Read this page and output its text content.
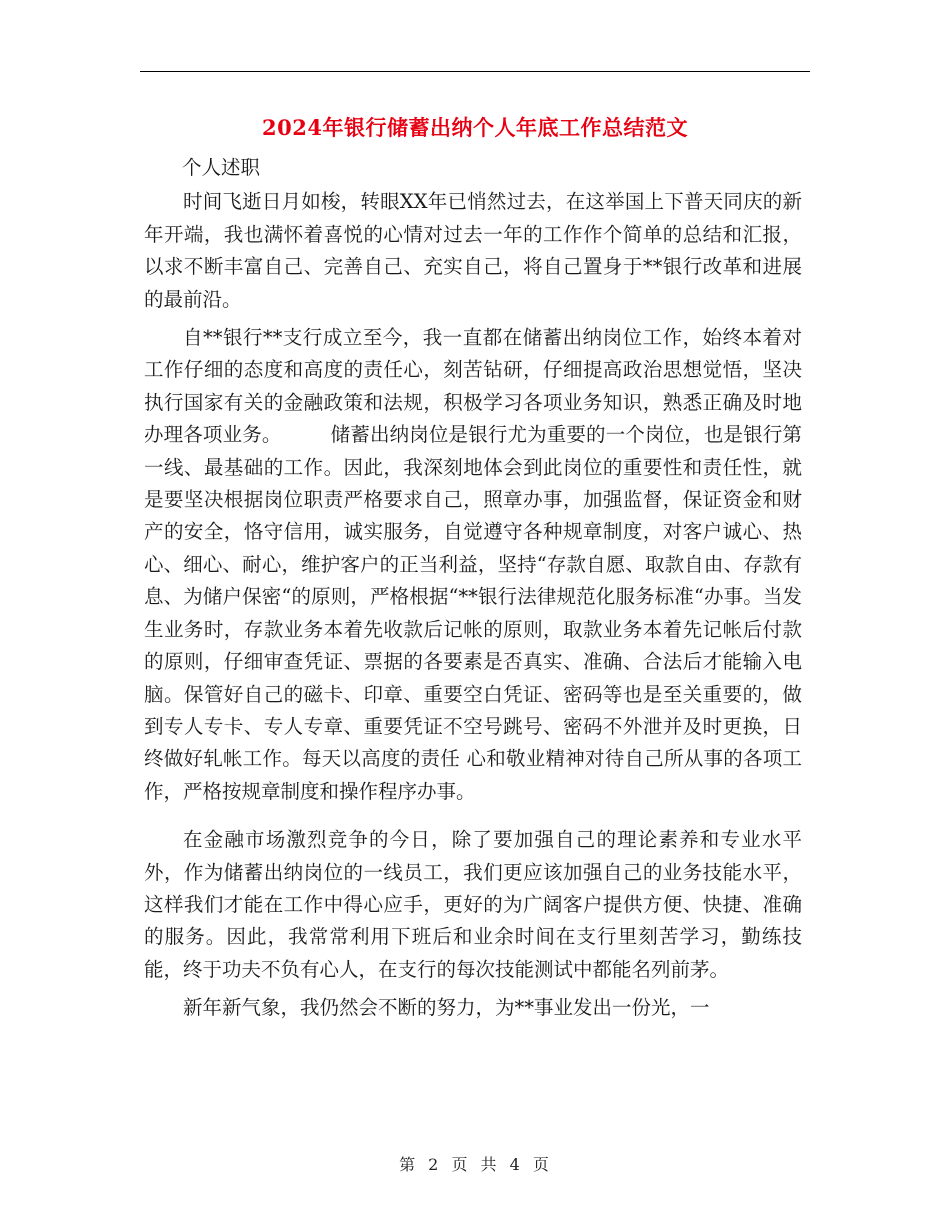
2024年银行储蓄出纳个人年底工作总结范文

个人述职

时间飞逝日月如梭，转眼XX年已悄然过去，在这举国上下普天同庆的新年开端，我也满怀着喜悦的心情对过去一年的工作作个简单的总结和汇报，以求不断丰富自己、完善自己、充实自己，将自己置身于**银行改革和进展的最前沿。

自**银行**支行成立至今，我一直都在储蓄出纳岗位工作，始终本着对工作仔细的态度和高度的责任心，刻苦钻研，仔细提高政治思想觉悟，坚决执行国家有关的金融政策和法规，积极学习各项业务知识，熟悉正确及时地办理各项业务。　　　储蓄出纳岗位是银行尤为重要的一个岗位，也是银行第一线、最基础的工作。因此，我深刻地体会到此岗位的重要性和责任性，就是要坚决根据岗位职责严格要求自己，照章办事，加强监督，保证资金和财产的安全，恪守信用，诚实服务，自觉遵守各种规章制度，对客户诚心、热心、细心、耐心，维护客户的正当利益，坚持“存款自愿、取款自由、存款有息、为储户保密“的原则，严格根据“**银行法律规范化服务标准“办事。当发生业务时，存款业务本着先收款后记帐的原则，取款业务本着先记帐后付款的原则，仔细审查凭证、票据的各要素是否真实、准确、合法后才能输入电脑。保管好自己的磁卡、印章、重要空白凭证、密码等也是至关重要的，做到专人专卡、专人专章、重要凭证不空号跳号、密码不外泄并及时更换，日终做好轧帐工作。每天以高度的责任 心和敬业精神对待自己所从事的各项工作，严格按规章制度和操作程序办事。

在金融市场激烈竞争的今日，除了要加强自己的理论素养和专业水平外，作为储蓄出纳岗位的一线员工，我们更应该加强自己的业务技能水平，这样我们才能在工作中得心应手，更好的为广阔客户提供方便、快捷、准确的服务。因此，我常常利用下班后和业余时间在支行里刻苦学习，勤练技能，终于功夫不负有心人，在支行的每次技能测试中都能名列前茅。

新年新气象，我仍然会不断的努力，为**事业发出一份光，一

第 2 页 共 4 页
